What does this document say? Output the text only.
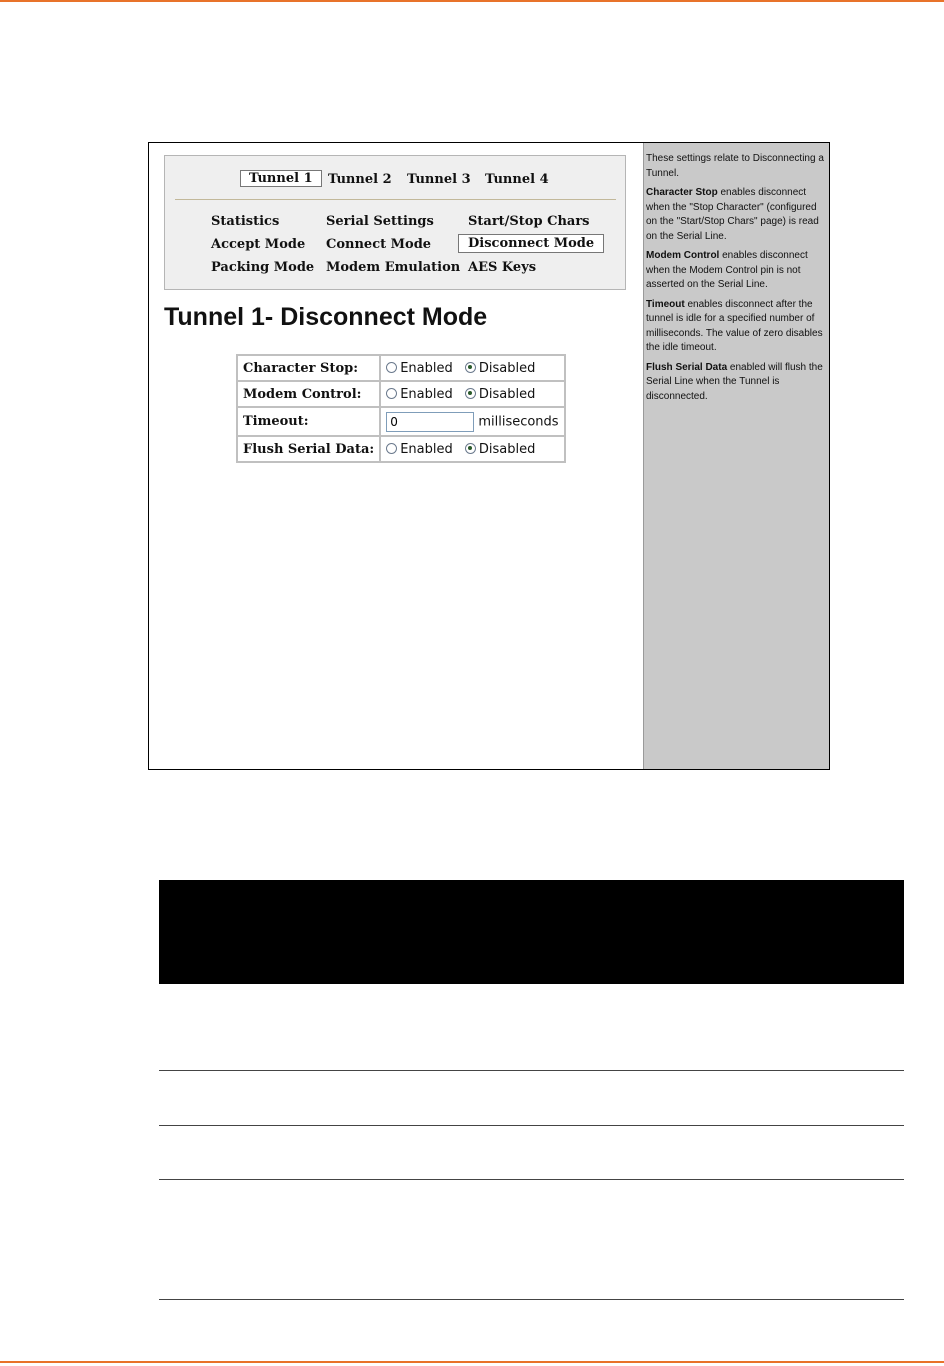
Tunnel 1	Tunnel 2 Tunnel 3 Tunnel 4
Statistics	Serial Settings	Start/Stop Chars
Accept Mode Connect Mode	Disconnect Mode
Packing Mode Modem Emulation AES Keys
Tunnel 1- Disconnect Mode
Character Stop:	Enabled Disabled
Modem Control:	Enabled Disabled
Timeout:	0milliseconds
Flush Serial Data:	Enabled Disabled

These settings relate to Disconnecting a Tunnel.

Character Stop enables disconnect when the "Stop Character" (configured on the "Start/Stop Chars" page) is read on the Serial Line.

Modem Control enables disconnect when the Modem Control pin is not asserted on the Serial Line.

Timeout enables disconnect after the tunnel is idle for a specified number of milliseconds. The value of zero disables the idle timeout.

Flush Serial Data enabled will flush the Serial Line when the Tunnel is disconnected.
